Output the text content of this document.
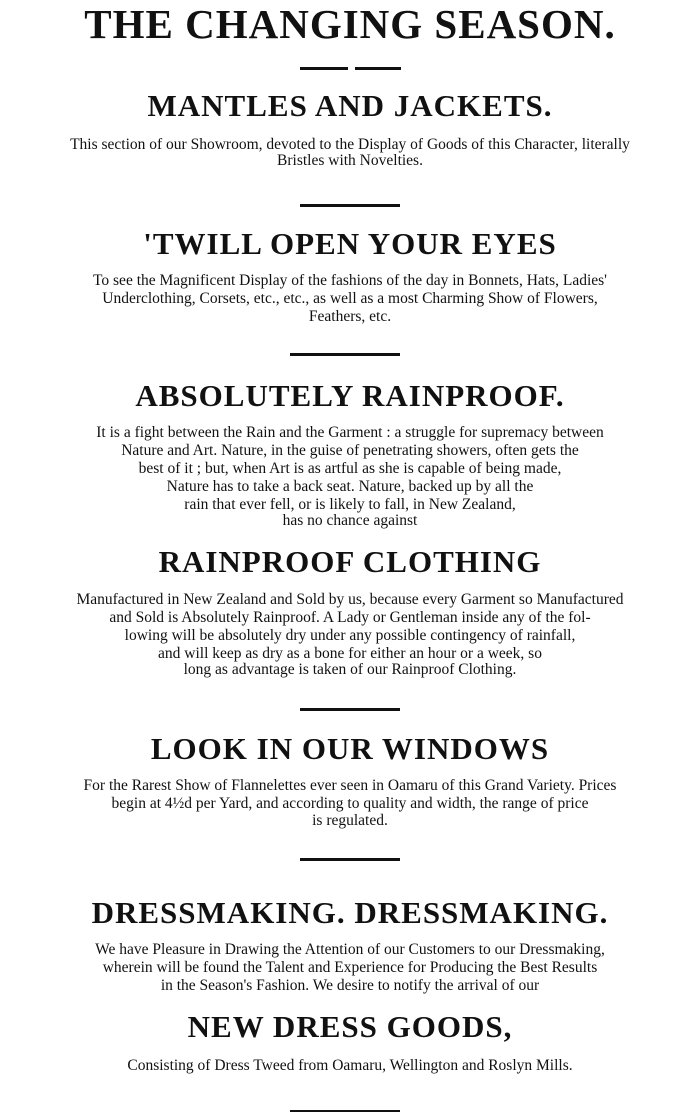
THE CHANGING SEASON.
MANTLES AND JACKETS.
This section of our Showroom, devoted to the Display of Goods of this Character, literally
Bristles with Novelties.
'TWILL OPEN YOUR EYES
To see the Magnificent Display of the fashions of the day in Bonnets, Hats, Ladies'
Underclothing, Corsets, etc., etc., as well as a most Charming Show of Flowers,
Feathers, etc.
ABSOLUTELY RAINPROOF.
It is a fight between the Rain and the Garment : a struggle for supremacy between
Nature and Art. Nature, in the guise of penetrating showers, often gets the
best of it ; but, when Art is as artful as she is capable of being made,
Nature has to take a back seat. Nature, backed up by all the
rain that ever fell, or is likely to fall, in New Zealand,
has no chance against
RAINPROOF CLOTHING
Manufactured in New Zealand and Sold by us, because every Garment so Manufactured
and Sold is Absolutely Rainproof. A Lady or Gentleman inside any of the fol-
lowing will be absolutely dry under any possible contingency of rainfall,
and will keep as dry as a bone for either an hour or a week, so
long as advantage is taken of our Rainproof Clothing.
LOOK IN OUR WINDOWS
For the Rarest Show of Flannelettes ever seen in Oamaru of this Grand Variety. Prices
begin at 4½d per Yard, and according to quality and width, the range of price
is regulated.
DRESSMAKING. DRESSMAKING.
We have Pleasure in Drawing the Attention of our Customers to our Dressmaking,
wherein will be found the Talent and Experience for Producing the Best Results
in the Season's Fashion. We desire to notify the arrival of our
NEW DRESS GOODS,
Consisting of Dress Tweed from Oamaru, Wellington and Roslyn Mills.
